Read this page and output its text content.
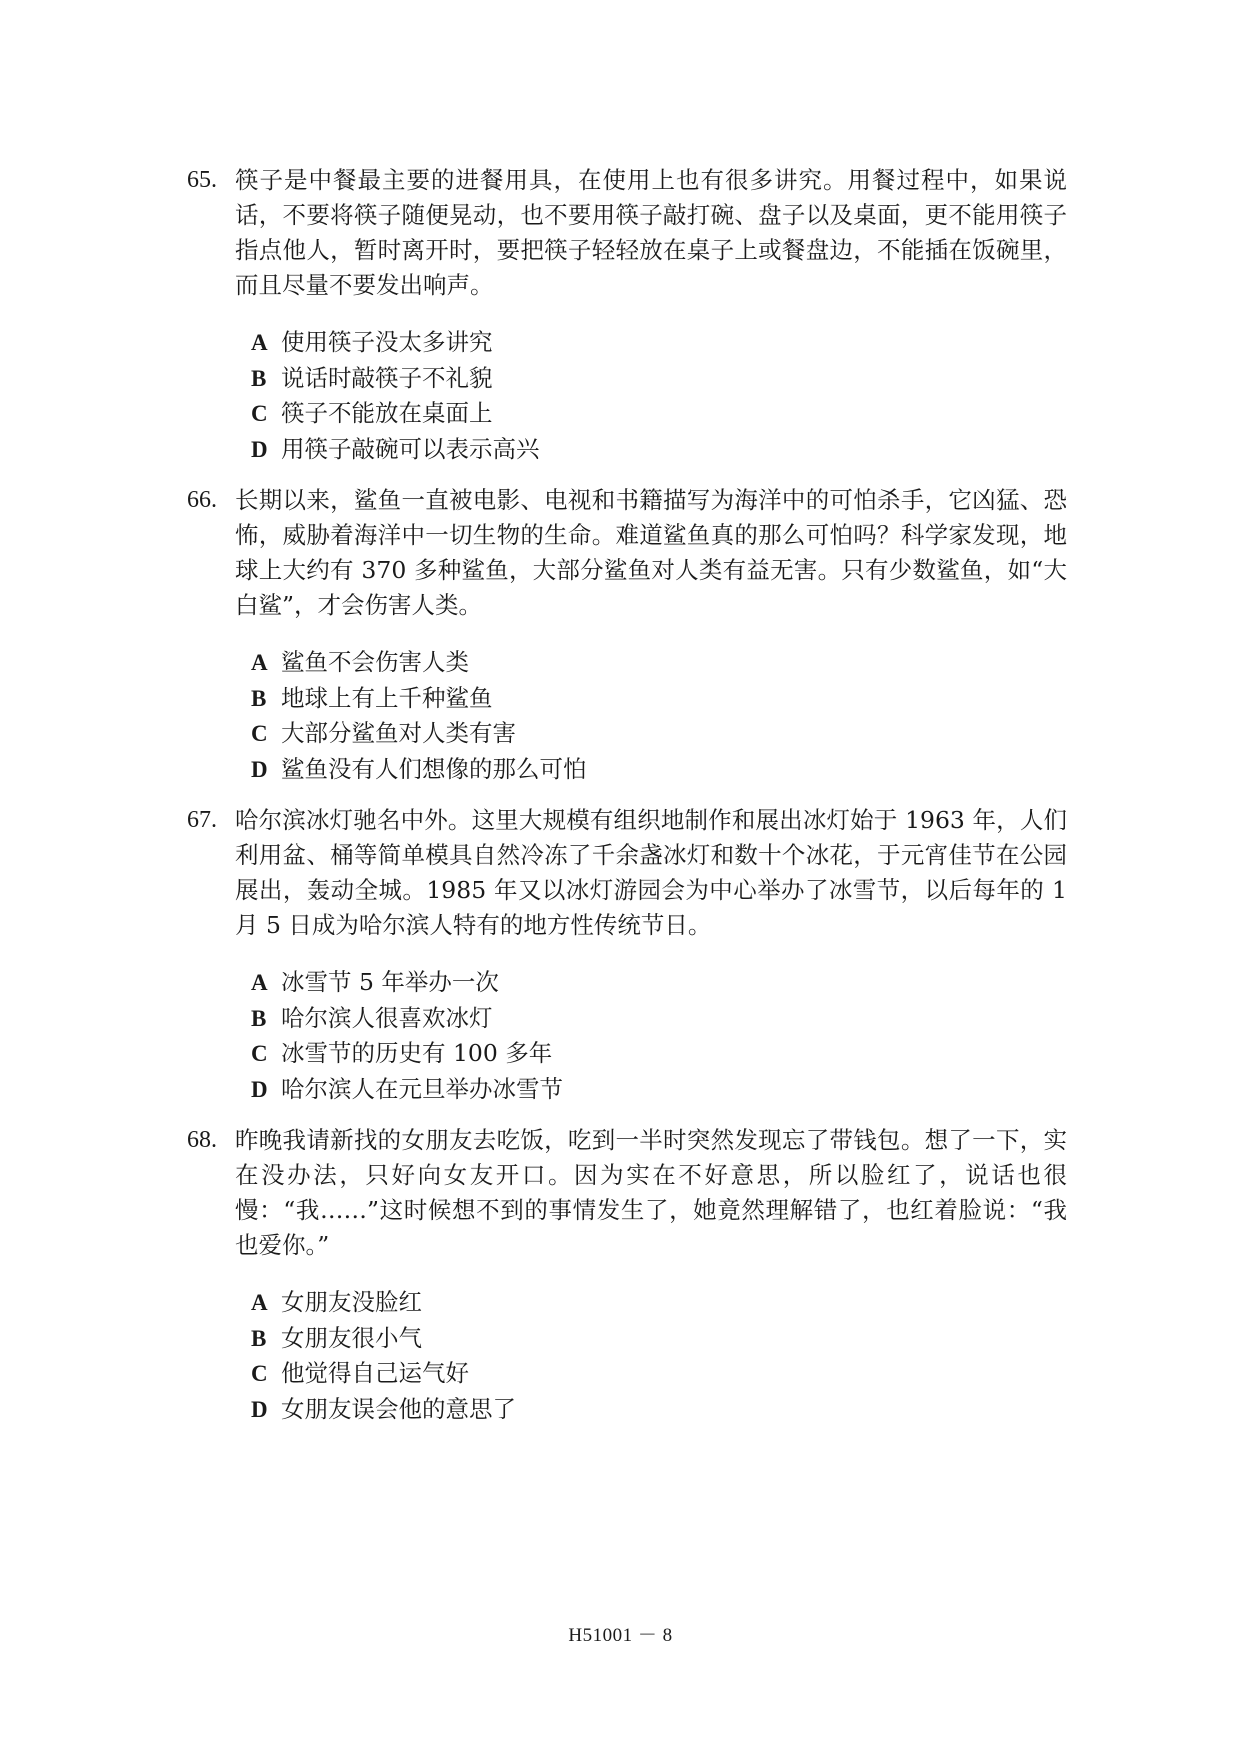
65. 筷子是中餐最主要的进餐用具，在使用上也有很多讲究。用餐过程中，如果说话，不要将筷子随便晃动，也不要用筷子敲打碗、盘子以及桌面，更不能用筷子指点他人，暂时离开时，要把筷子轻轻放在桌子上或餐盘边，不能插在饭碗里，而且尽量不要发出响声。
A 使用筷子没太多讲究
B 说话时敲筷子不礼貌
C 筷子不能放在桌面上
D 用筷子敲碗可以表示高兴
66. 长期以来，鲨鱼一直被电影、电视和书籍描写为海洋中的可怕杀手，它凶猛、恐怖，威胁着海洋中一切生物的生命。难道鲨鱼真的那么可怕吗？科学家发现，地球上大约有 370 多种鲨鱼，大部分鲨鱼对人类有益无害。只有少数鲨鱼，如“大白鲨”，才会伤害人类。
A 鲨鱼不会伤害人类
B 地球上有上千种鲨鱼
C 大部分鲨鱼对人类有害
D 鲨鱼没有人们想像的那么可怕
67. 哈尔滨冰灯驰名中外。这里大规模有组织地制作和展出冰灯始于 1963 年，人们利用盆、桶等简单模具自然冷冻了千余盏冰灯和数十个冰花，于元宵佳节在公园展出，轰动全城。1985 年又以冰灯游园会为中心举办了冰雪节，以后每年的 1 月 5 日成为哈尔滨人特有的地方性传统节日。
A 冰雪节 5 年举办一次
B 哈尔滨人很喜欢冰灯
C 冰雪节的历史有 100 多年
D 哈尔滨人在元旦举办冰雪节
68. 昨晚我请新找的女朋友去吃饭，吃到一半时突然发现忘了带钱包。想了一下，实在没办法，只好向女友开口。因为实在不好意思，所以脸红了，说话也很慢：“我……”这时候想不到的事情发生了，她竟然理解错了，也红着脸说：“我也爱你。”
A 女朋友没脸红
B 女朋友很小气
C 他觉得自己运气好
D 女朋友误会他的意思了
H51001 － 8
